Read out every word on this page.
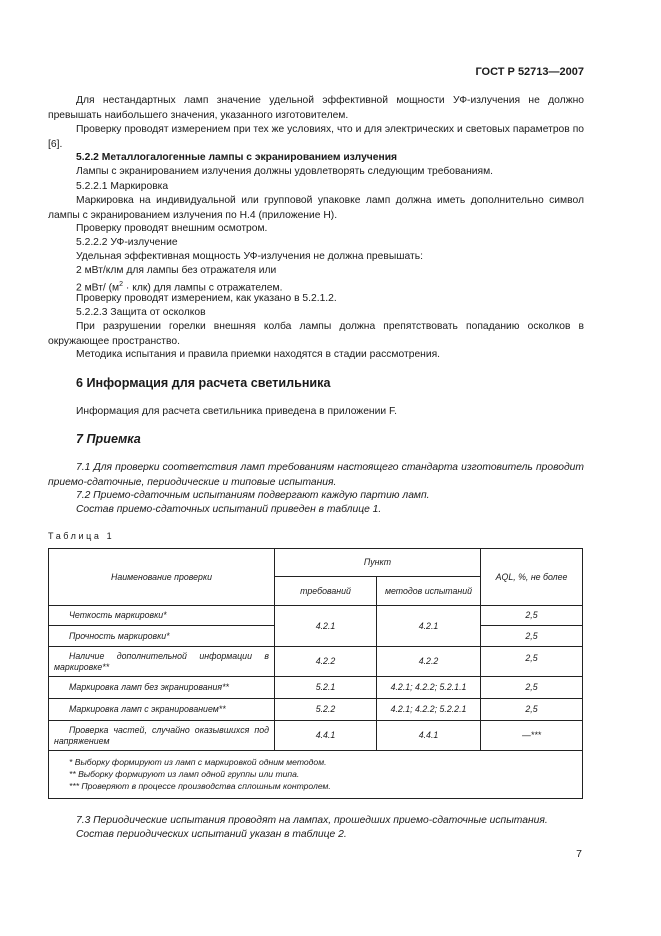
ГОСТ Р 52713—2007
Для нестандартных ламп значение удельной эффективной мощности УФ-излучения не должно превышать наибольшего значения, указанного изготовителем.
Проверку проводят измерением при тех же условиях, что и для электрических и световых параметров по [6].
5.2.2 Металлогалогенные лампы с экранированием излучения
Лампы с экранированием излучения должны удовлетворять следующим требованиям.
5.2.2.1 Маркировка
Маркировка на индивидуальной или групповой упаковке ламп должна иметь дополнительно символ лампы с экранированием излучения по Н.4 (приложение Н).
Проверку проводят внешним осмотром.
5.2.2.2 УФ-излучение
Удельная эффективная мощность УФ-излучения не должна превышать:
2 мВт/клм для лампы без отражателя или
2 мВт/ $(м^2 \cdot клк)$ для лампы с отражателем.
Проверку проводят измерением, как указано в 5.2.1.2.
5.2.2.3 Защита от осколков
При разрушении горелки внешняя колба лампы должна препятствовать попаданию осколков в окружающее пространство.
Методика испытания и правила приемки находятся в стадии рассмотрения.
6 Информация для расчета светильника
Информация для расчета светильника приведена в приложении F.
7 Приемка
7.1 Для проверки соответствия ламп требованиям настоящего стандарта изготовитель проводит приемо-сдаточные, периодические и типовые испытания.
7.2 Приемо-сдаточным испытаниям подвергают каждую партию ламп.
Состав приемо-сдаточных испытаний приведен в таблице 1.
Таблица 1
Наименование проверки	Пункт		AQL, %, не более
	требований	методов испытаний	
Четкость маркировки*	4.2.1	4.2.1	2,5
Прочность маркировки*			2,5
Наличие дополнительной информации в маркировке**	4.2.2	4.2.2	2,5
Маркировка ламп без экранирования**	5.2.1	4.2.1; 4.2.2; 5.2.1.1	2,5
Маркировка ламп с экранированием**	5.2.2	4.2.1; 4.2.2; 5.2.2.1	2,5
Проверка частей, случайно оказывшихся под напряжением	4.4.1	4.4.1	—***

* Выборку формируют из ламп с маркировкой одним методом.
** Выборку формируют из ламп одной группы или типа.
*** Проверяют в процессе производства сплошным контролем.			
7.3 Периодические испытания проводят на лампах, прошедших приемо-сдаточные испытания.
Состав периодических испытаний указан в таблице 2.
7
